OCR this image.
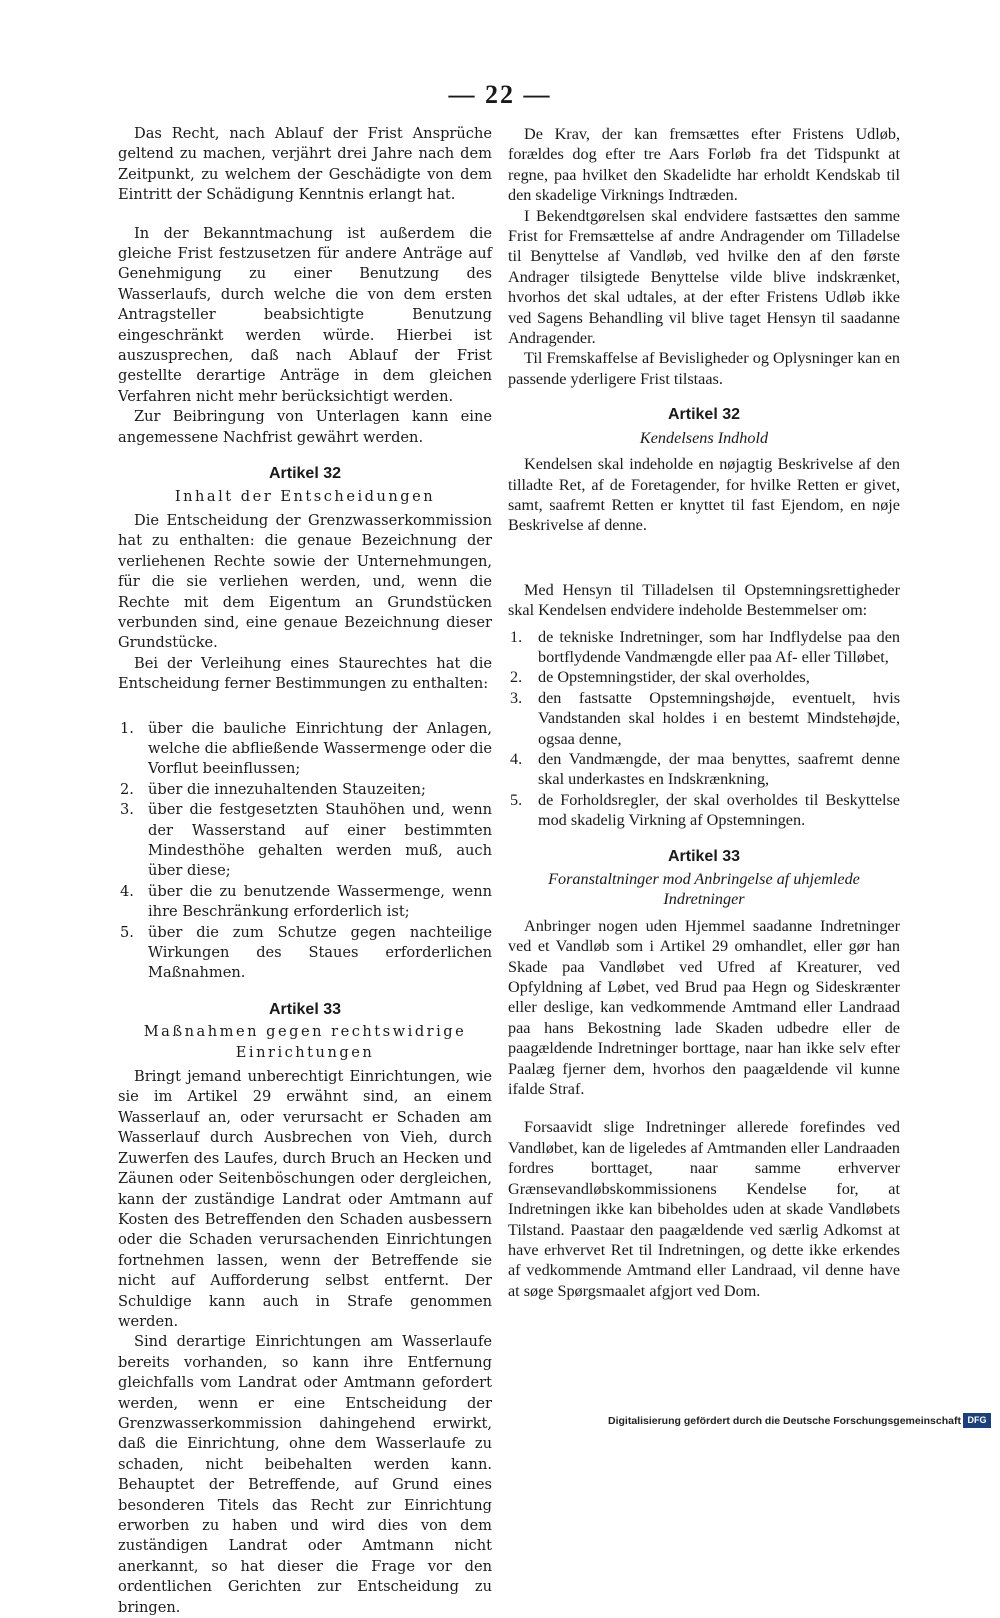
— 22 —

Das Recht, nach Ablauf der Frist Ansprüche geltend zu machen, verjährt drei Jahre nach dem Zeitpunkt, zu welchem der Geschädigte von dem Eintritt der Schädigung Kenntnis erlangt hat.

In der Bekanntmachung ist außerdem die gleiche Frist festzusetzen für andere Anträge auf Genehmigung zu einer Benutzung des Wasserlaufs, durch welche die von dem ersten Antragsteller beabsichtigte Benutzung eingeschränkt werden würde. Hierbei ist auszusprechen, daß nach Ablauf der Frist gestellte derartige Anträge in dem gleichen Verfahren nicht mehr berücksichtigt werden.

Zur Beibringung von Unterlagen kann eine angemessene Nachfrist gewährt werden.

Artikel 32
Inhalt der Entscheidungen

Die Entscheidung der Grenzwasserkommission hat zu enthalten: die genaue Bezeichnung der verliehenen Rechte sowie der Unternehmungen, für die sie verliehen werden, und, wenn die Rechte mit dem Eigentum an Grundstücken verbunden sind, eine genaue Bezeichnung dieser Grundstücke.

Bei der Verleihung eines Staurechtes hat die Entscheidung ferner Bestimmungen zu enthalten:

1. über die bauliche Einrichtung der Anlagen, welche die abfließende Wassermenge oder die Vorflut beeinflussen;
2. über die innezuhaltenden Stauzeiten;
3. über die festgesetzten Stauhöhen und, wenn der Wasserstand auf einer bestimmten Mindesthöhe gehalten werden muß, auch über diese;
4. über die zu benutzende Wassermenge, wenn ihre Beschränkung erforderlich ist;
5. über die zum Schutze gegen nachteilige Wirkungen des Staues erforderlichen Maßnahmen.
Artikel 33
Maßnahmen gegen rechtswidrige Einrichtungen

Bringt jemand unberechtigt Einrichtungen, wie sie im Artikel 29 erwähnt sind, an einem Wasserlauf an, oder verursacht er Schaden am Wasserlauf durch Ausbrechen von Vieh, durch Zuwerfen des Laufes, durch Bruch an Hecken und Zäunen oder Seitenböschungen oder dergleichen, kann der zuständige Landrat oder Amtmann auf Kosten des Betreffenden den Schaden ausbessern oder die Schaden verursachenden Einrichtungen fortnehmen lassen, wenn der Betreffende sie nicht auf Aufforderung selbst entfernt. Der Schuldige kann auch in Strafe genommen werden.

Sind derartige Einrichtungen am Wasserlaufe bereits vorhanden, so kann ihre Entfernung gleichfalls vom Landrat oder Amtmann gefordert werden, wenn er eine Entscheidung der Grenzwasserkommission dahingehend erwirkt, daß die Einrichtung, ohne dem Wasserlaufe zu schaden, nicht beibehalten werden kann. Behauptet der Betreffende, auf Grund eines besonderen Titels das Recht zur Einrichtung erworben zu haben und wird dies von dem zuständigen Landrat oder Amtmann nicht anerkannt, so hat dieser die Frage vor den ordentlichen Gerichten zur Entscheidung zu bringen.

De Krav, der kan fremsættes efter Fristens Udløb, forældes dog efter tre Aars Forløb fra det Tidspunkt at regne, paa hvilket den Skadelidte har erholdt Kendskab til den skadelige Virknings Indtræden.

I Bekendtgørelsen skal endvidere fastsættes den samme Frist for Fremsættelse af andre Andragender om Tilladelse til Benyttelse af Vandløb, ved hvilke den af den første Andrager tilsigtede Benyttelse vilde blive indskrænket, hvorhos det skal udtales, at der efter Fristens Udløb ikke ved Sagens Behandling vil blive taget Hensyn til saadanne Andragender.

Til Fremskaffelse af Bevisligheder og Oplysninger kan en passende yderligere Frist tilstaas.

Artikel 32
Kendelsens Indhold

Kendelsen skal indeholde en nøjagtig Beskrivelse af den tilladte Ret, af de Foretagender, for hvilke Retten er givet, samt, saafremt Retten er knyttet til fast Ejendom, en nøje Beskrivelse af denne.

Med Hensyn til Tilladelsen til Opstemningsrettigheder skal Kendelsen endvidere indeholde Bestemmelser om:

1. de tekniske Indretninger, som har Indflydelse paa den bortflydende Vandmængde eller paa Af- eller Tilløbet,
2. de Opstemningstider, der skal overholdes,
3. den fastsatte Opstemningshøjde, eventuelt, hvis Vandstanden skal holdes i en bestemt Mindstehøjde, ogsaa denne,
4. den Vandmængde, der maa benyttes, saafremt denne skal underkastes en Indskrænkning,
5. de Forholdsregler, der skal overholdes til Beskyttelse mod skadelig Virkning af Opstemningen.
Artikel 33
Foranstaltninger mod Anbringelse af uhjemlede Indretninger

Anbringer nogen uden Hjemmel saadanne Indretninger ved et Vandløb som i Artikel 29 omhandlet, eller gør han Skade paa Vandløbet ved Ufred af Kreaturer, ved Opfyldning af Løbet, ved Brud paa Hegn og Sideskrænter eller deslige, kan vedkommende Amtmand eller Landraad paa hans Bekostning lade Skaden udbedre eller de paagældende Indretninger borttage, naar han ikke selv efter Paalæg fjerner dem, hvorhos den paagældende vil kunne ifalde Straf.

Forsaavidt slige Indretninger allerede forefindes ved Vandløbet, kan de ligeledes af Amtmanden eller Landraaden fordres borttaget, naar samme erhverver Grænsevandløbskommissionens Kendelse for, at Indretningen ikke kan bibeholdes uden at skade Vandløbets Tilstand. Paastaar den paagældende ved særlig Adkomst at have erhvervet Ret til Indretningen, og dette ikke erkendes af vedkommende Amtmand eller Landraad, vil denne have at søge Spørgsmaalet afgjort ved Dom.

Digitalisierung gefördert durch die Deutsche Forschungsgemeinschaft DFG
